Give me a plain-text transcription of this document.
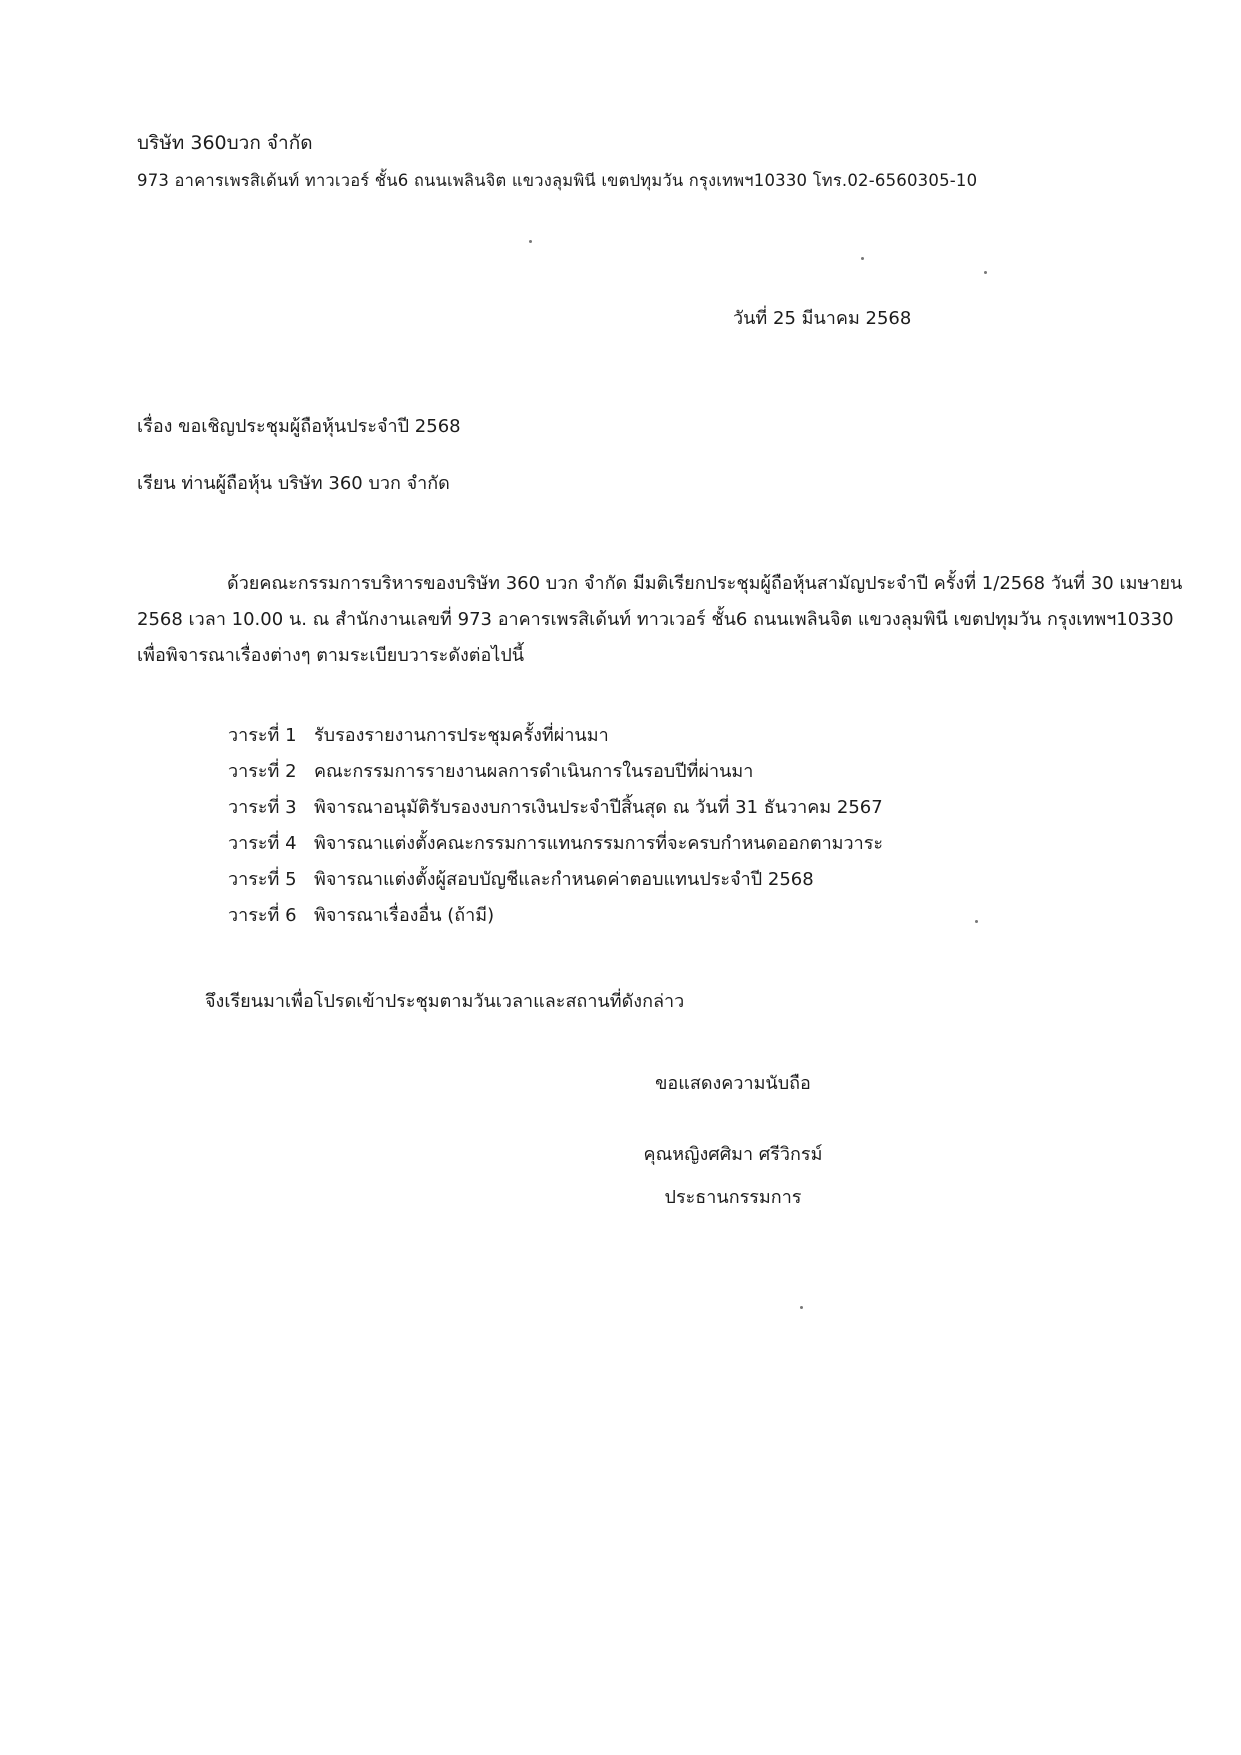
บริษัท 360บวก จำกัด
973 อาคารเพรสิเด้นท์ ทาวเวอร์ ชั้น6 ถนนเพลินจิต แขวงลุมพินี เขตปทุมวัน กรุงเทพฯ10330 โทร.02-6560305-10
วันที่ 25 มีนาคม 2568
เรื่อง ขอเชิญประชุมผู้ถือหุ้นประจำปี 2568
เรียน ท่านผู้ถือหุ้น บริษัท 360 บวก จำกัด
ด้วยคณะกรรมการบริหารของบริษัท 360 บวก จำกัด มีมติเรียกประชุมผู้ถือหุ้นสามัญประจำปี ครั้งที่ 1/2568 วันที่ 30 เมษายน 2568 เวลา 10.00 น. ณ สำนักงานเลขที่ 973 อาคารเพรสิเด้นท์ ทาวเวอร์ ชั้น6 ถนนเพลินจิต แขวงลุมพินี เขตปทุมวัน กรุงเทพฯ10330 เพื่อพิจารณาเรื่องต่างๆ ตามระเบียบวาระดังต่อไปนี้
วาระที่ 1 รับรองรายงานการประชุมครั้งที่ผ่านมา
วาระที่ 2 คณะกรรมการรายงานผลการดำเนินการในรอบปีที่ผ่านมา
วาระที่ 3 พิจารณาอนุมัติรับรองงบการเงินประจำปีสิ้นสุด ณ วันที่ 31 ธันวาคม 2567
วาระที่ 4 พิจารณาแต่งตั้งคณะกรรมการแทนกรรมการที่จะครบกำหนดออกตามวาระ
วาระที่ 5 พิจารณาแต่งตั้งผู้สอบบัญชีและกำหนดค่าตอบแทนประจำปี 2568
วาระที่ 6 พิจารณาเรื่องอื่น (ถ้ามี)
จึงเรียนมาเพื่อโปรดเข้าประชุมตามวันเวลาและสถานที่ดังกล่าว

ขอแสดงความนับถือ

คุณหญิงศศิมา ศรีวิกรม์

ประธานกรรมการ
